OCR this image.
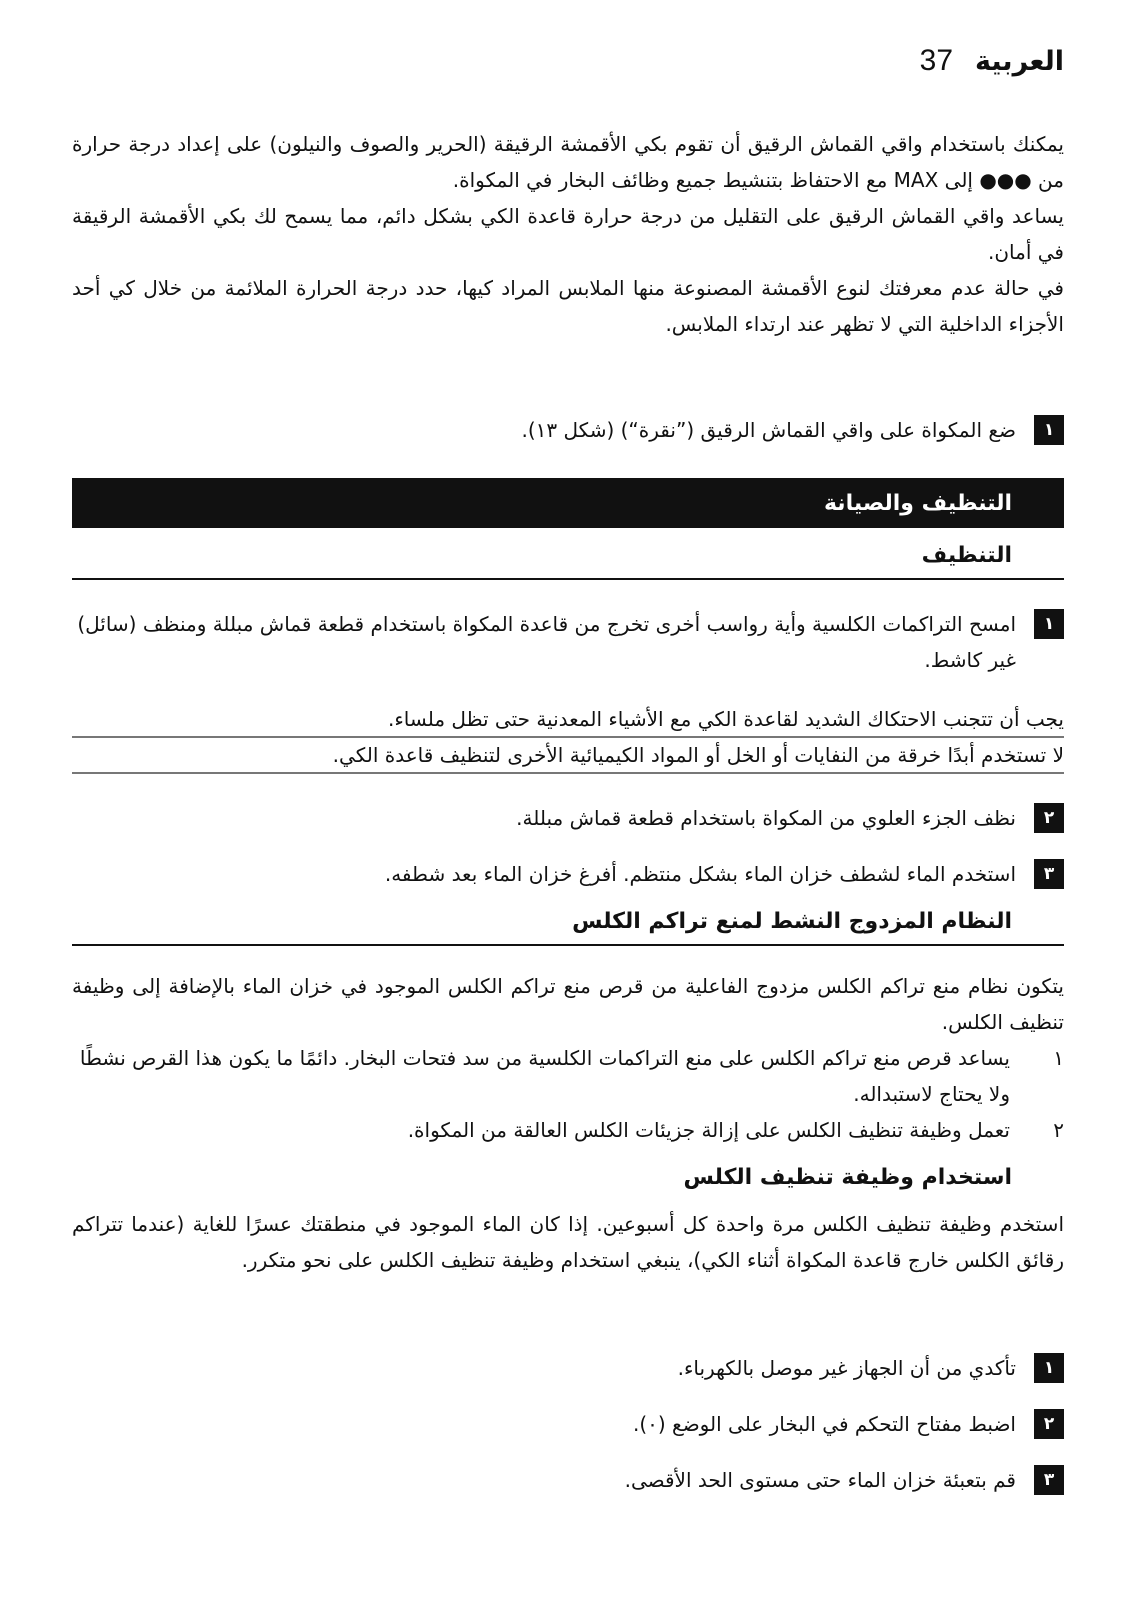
العربية
37

يمكنك باستخدام واقي القماش الرقيق أن تقوم بكي الأقمشة الرقيقة (الحرير والصوف والنيلون) على إعداد درجة حرارة من ●●● إلى MAX مع الاحتفاظ بتنشيط جميع وظائف البخار في المكواة.

يساعد واقي القماش الرقيق على التقليل من درجة حرارة قاعدة الكي بشكل دائم، مما يسمح لك بكي الأقمشة الرقيقة في أمان.

في حالة عدم معرفتك لنوع الأقمشة المصنوعة منها الملابس المراد كيها، حدد درجة الحرارة الملائمة من خلال كي أحد الأجزاء الداخلية التي لا تظهر عند ارتداء الملابس.

١
ضع المكواة على واقي القماش الرقيق (”نقرة“) (شكل ١٣).
التنظيف والصيانة
التنظيف
١
امسح التراكمات الكلسية وأية رواسب أخرى تخرج من قاعدة المكواة باستخدام قطعة قماش مبللة ومنظف (سائل) غير كاشط.

يجب أن تتجنب الاحتكاك الشديد لقاعدة الكي مع الأشياء المعدنية حتى تظل ملساء.

لا تستخدم أبدًا خرقة من النفايات أو الخل أو المواد الكيميائية الأخرى لتنظيف قاعدة الكي.

٢
نظف الجزء العلوي من المكواة باستخدام قطعة قماش مبللة.
٣
استخدم الماء لشطف خزان الماء بشكل منتظم. أفرغ خزان الماء بعد شطفه.
النظام المزدوج النشط لمنع تراكم الكلس

يتكون نظام منع تراكم الكلس مزدوج الفاعلية من قرص منع تراكم الكلس الموجود في خزان الماء بالإضافة إلى وظيفة تنظيف الكلس.

١
يساعد قرص منع تراكم الكلس على منع التراكمات الكلسية من سد فتحات البخار. دائمًا ما يكون هذا القرص نشطًا ولا يحتاج لاستبداله.
٢
تعمل وظيفة تنظيف الكلس على إزالة جزيئات الكلس العالقة من المكواة.
استخدام وظيفة تنظيف الكلس

استخدم وظيفة تنظيف الكلس مرة واحدة كل أسبوعين. إذا كان الماء الموجود في منطقتك عسرًا للغاية (عندما تتراكم رقائق الكلس خارج قاعدة المكواة أثناء الكي)، ينبغي استخدام وظيفة تنظيف الكلس على نحو متكرر.

١
تأكدي من أن الجهاز غير موصل بالكهرباء.
٢
اضبط مفتاح التحكم في البخار على الوضع (٠).
٣
قم بتعبئة خزان الماء حتى مستوى الحد الأقصى.
